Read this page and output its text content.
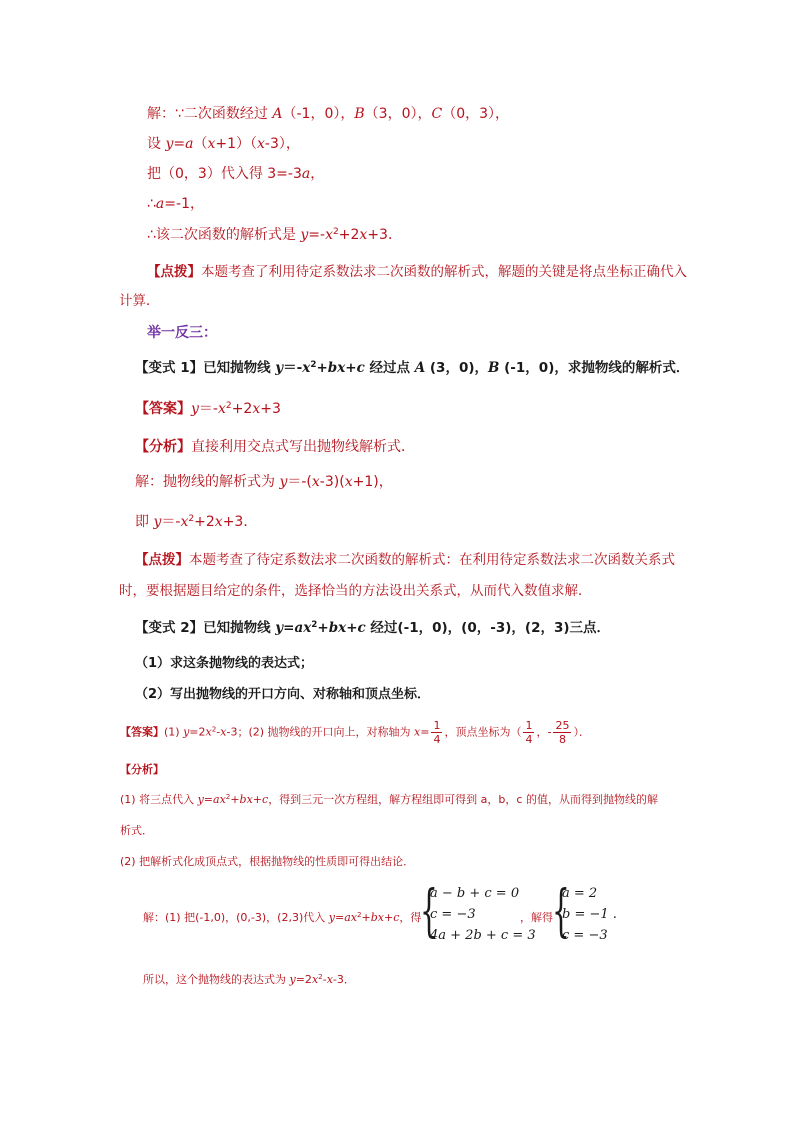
解：∵二次函数经过 A（-1，0），B（3，0），C（0，3），
设 y=a（x+1）（x-3），
把（0，3）代入得 3=-3a，
∴a=-1，
∴该二次函数的解析式是 $y=-x^2+2x+3$．
【点拨】本题考查了利用待定系数法求二次函数的解析式，解题的关键是将点坐标正确代入
计算．
举一反三：
【变式 1】已知抛物线 $y=-x^2+bx+c$ 经过点 A (3，0)，B (-1，0)，求抛物线的解析式．
【答案】$y=-x^2+2x+3$
【分析】直接利用交点式写出抛物线解析式．
解：抛物线的解析式为 y＝-(x-3)(x+1)，
即 $y=-x^2+2x+3$．
【点拨】本题考查了待定系数法求二次函数的解析式：在利用待定系数法求二次函数关系式
时，要根据题目给定的条件，选择恰当的方法设出关系式，从而代入数值求解．
【变式 2】已知抛物线 $y=ax^2+bx+c$ 经过(-1，0)，(0，-3)，(2，3)三点．
（1）求这条抛物线的表达式；
（2）写出抛物线的开口方向、对称轴和顶点坐标．
【答案】(1) $y=2x^2-x-3$；(2) 抛物线的开口向上，对称轴为 $x= \frac{1}{4}$ ，顶点坐标为（ $\frac{1}{4}$ ，- $\frac{25}{8}$ ）．
【分析】
(1) 将三点代入 $y=ax^2+bx+c$，得到三元一次方程组，解方程组即可得到 a，b，c 的值，从而得到抛物线的解
析式．
(2) 把解析式化成顶点式，根据抛物线的性质即可得出结论．
解：(1) 把(-1,0)，(0,-3)，(2,3)代入 $y=ax^2+bx+c$，得
{
a − b + c = 0
c = −3
4a + 2b + c = 3
，解得 {
a = 2
b = −1 .
c = −3
所以，这个抛物线的表达式为 $y=2x^2-x-3$．
